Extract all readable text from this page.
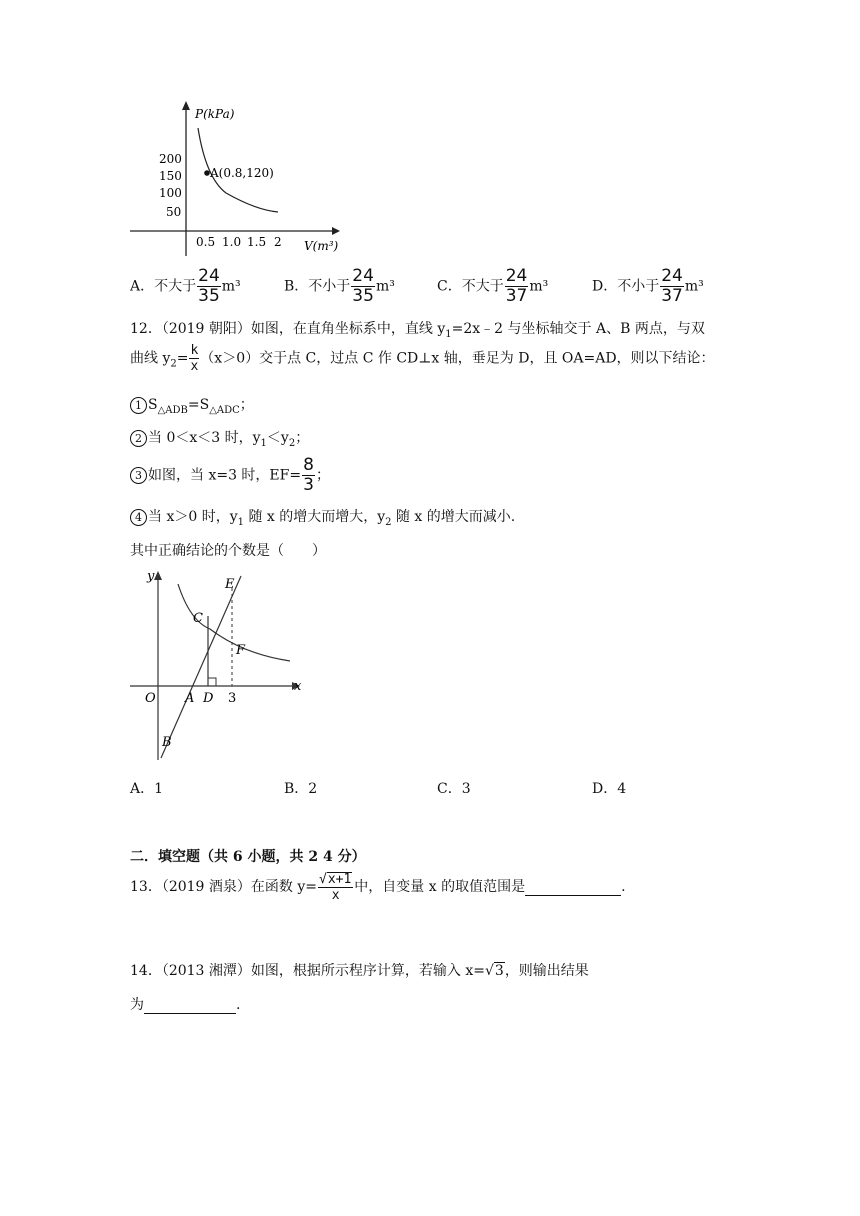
P(kPa)
V(m³)
200
150
100
50
0.5 1.0 1.5 2
A(0.8,120)
A．不大于 $\frac{24}{35} m^3$	B．不小于 $\frac{24}{35} m^3$	C．不大于 $\frac{24}{37} m^3$	D．不小于 $\frac{24}{37} m^3$
12．（2019 朝阳）如图，在直角坐标系中，直线 $y_1=2x﹣2$ 与坐标轴交于 A、B 两点，与双
曲线 $y_2= \frac{k}{x} (x>0)$交于点 C，过点 C 作 CD⊥x 轴，垂足为 D，且 OA=AD，则以下结论：
1 $S_{\triangle ADB}=S_{\triangle ADC}$；
2 当 0＜x＜3 时，$y_1<y_2$；
3 如图，当 x=3 时，$EF= \frac{8}{3}$ ；
4 当 x＞0 时，$y_1$ 随 x 的增大而增大，$y_2$ 随 x 的增大而减小.
其中正确结论的个数是（　　）
y
x
O A D 3
B
C
E
F
A．1	B．2	C．3	D．4
二．填空题（共 6 小题，共 2 4 分）
13．（2019 酒泉）在函数 $y= \frac{√x+1}{x}$ 中，自变量 x 的取值范围是	.
14．（2013 湘潭）如图，根据所示程序计算，若输入 x=√3，则输出结果
为	.
